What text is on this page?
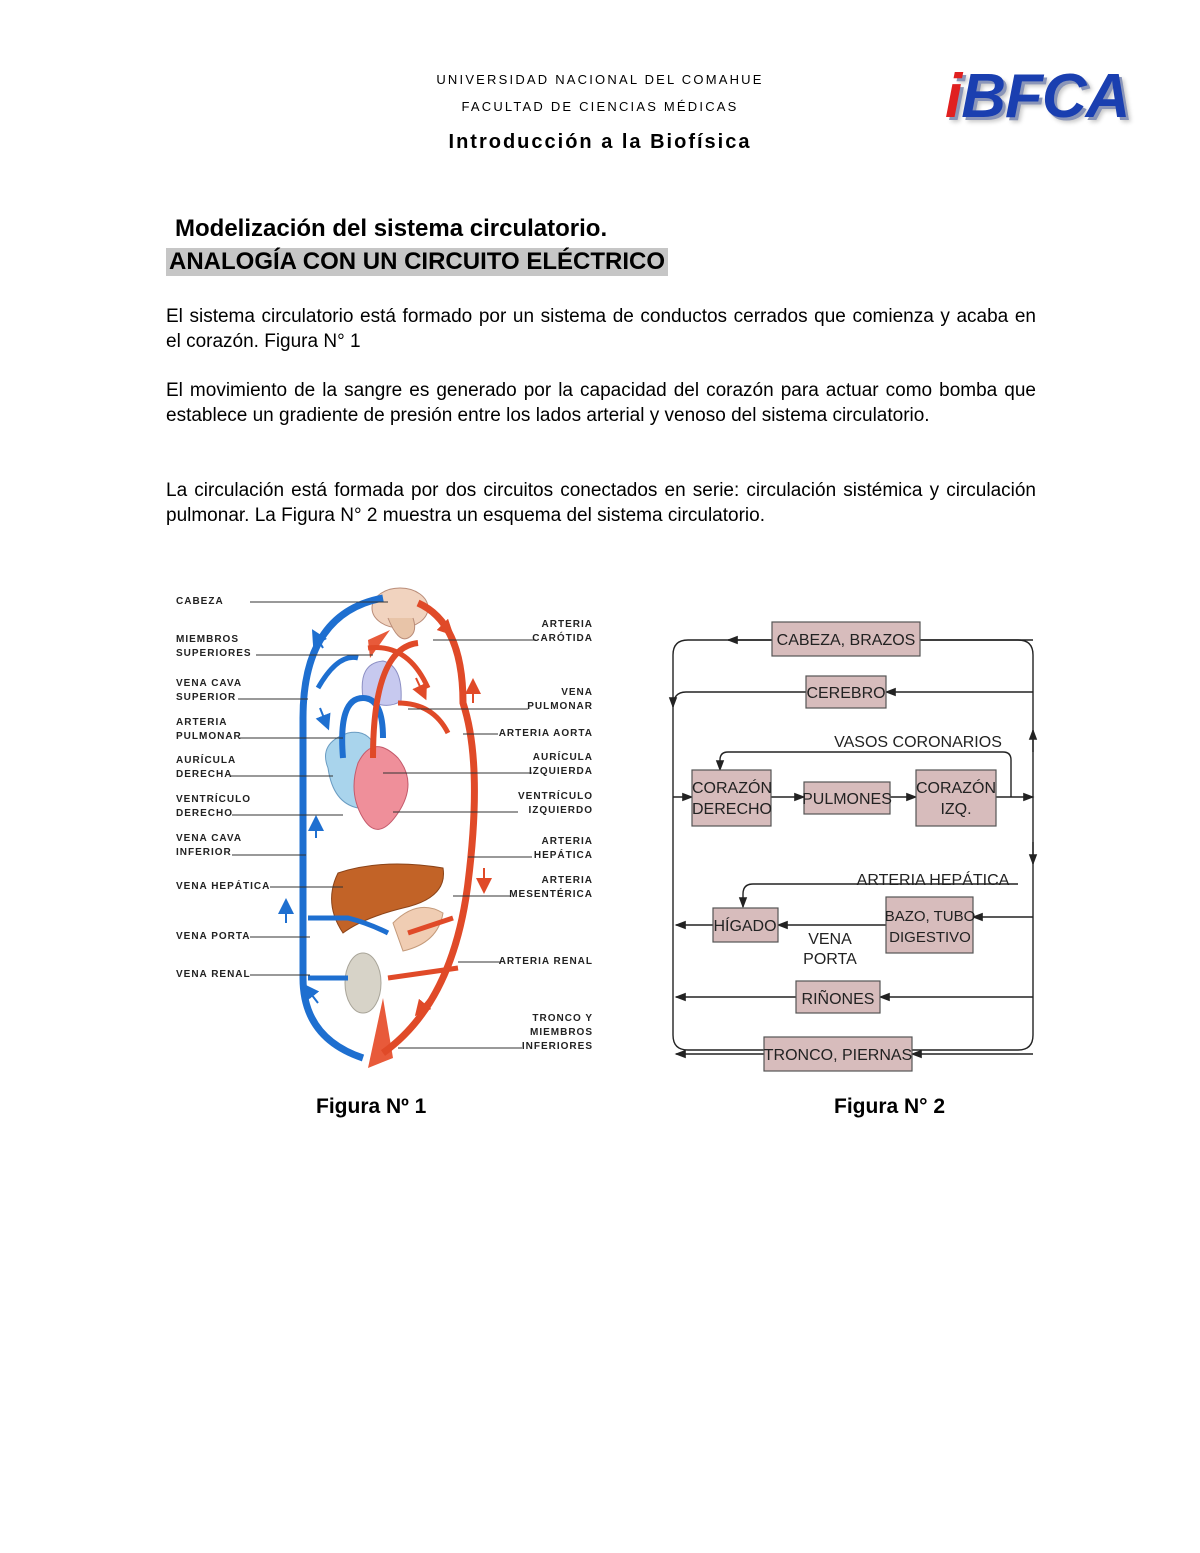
UNIVERSIDAD NACIONAL DEL COMAHUE
FACULTAD DE CIENCIAS MÉDICAS
Introducción a la Biofísica
iBFCA
Modelización del sistema circulatorio.
ANALOGÍA CON UN CIRCUITO ELÉCTRICO
El sistema circulatorio está formado por un sistema de conductos cerrados que comienza y acaba en el corazón. Figura N° 1
El movimiento de la sangre es generado por la capacidad del corazón para actuar como bomba que establece un gradiente de presión entre los lados arterial y venoso del sistema circulatorio.
La circulación está formada por dos circuitos conectados en serie: circulación sistémica y circulación pulmonar. La Figura N° 2 muestra un esquema del sistema circulatorio.
CABEZA
MIEMBROS SUPERIORES
VENA CAVA SUPERIOR
ARTERIA PULMONAR
AURÍCULA DERECHA
VENTRÍCULO DERECHO
VENA CAVA INFERIOR
VENA HEPÁTICA
VENA PORTA
VENA RENAL
ARTERIA CARÓTIDA
VENA PULMONAR
ARTERIA AORTA
AURÍCULA IZQUIERDA
VENTRÍCULO IZQUIERDO
ARTERIA HEPÁTICA
ARTERIA MESENTÉRICA
ARTERIA RENAL
TRONCO Y MIEMBROS INFERIORES
Figura Nº 1
CABEZA, BRAZOS
CEREBRO
CORAZÓN
DERECHO
PULMONES
CORAZÓN
IZQ.
HÍGADO
BAZO, TUBO
DIGESTIVO
RIÑONES
TRONCO, PIERNAS
VASOS CORONARIOS
ARTERIA HEPÁTICA
VENA
PORTA
Figura N° 2
